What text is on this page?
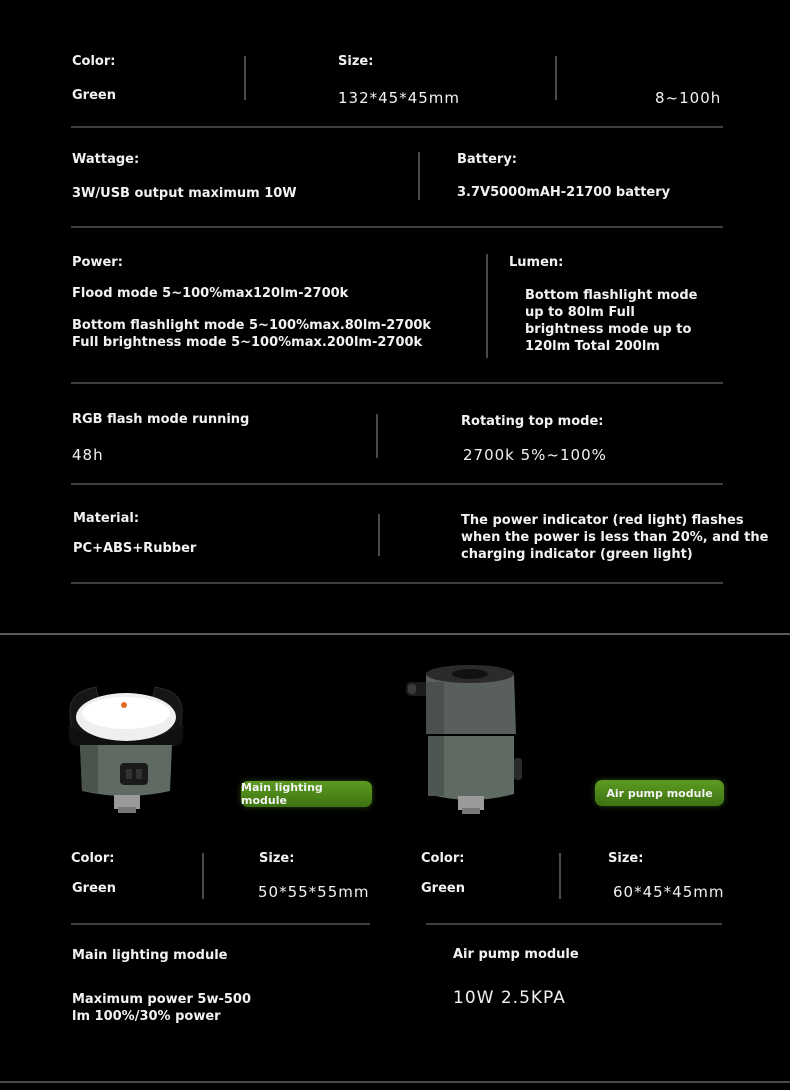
Color:
Green
Size:
132*45*45mm	8~100h
Wattage:
3W/USB output maximum 10W
Battery:
3.7V5000mAH-21700 battery
Power:
Flood mode 5~100%max120lm-2700k
Bottom flashlight mode 5~100%max.80lm-2700k Full brightness mode 5~100%max.200lm-2700k
Lumen:
Bottom flashlight mode up to 80lm Full brightness mode up to 120lm Total 200lm
RGB flash mode running
48h
Rotating top mode:
2700k 5%~100%
Material:
PC+ABS+Rubber
The power indicator (red light) flashes when the power is less than 20%, and the charging indicator (green light)
Main lighting module
Air pump module
Color:
Green
Size:
50*55*55mm
Color:
Green
Size:
60*45*45mm
Main lighting module
Maximum power 5w-500 lm 100%/30% power
Air pump module
10W 2.5KPA
